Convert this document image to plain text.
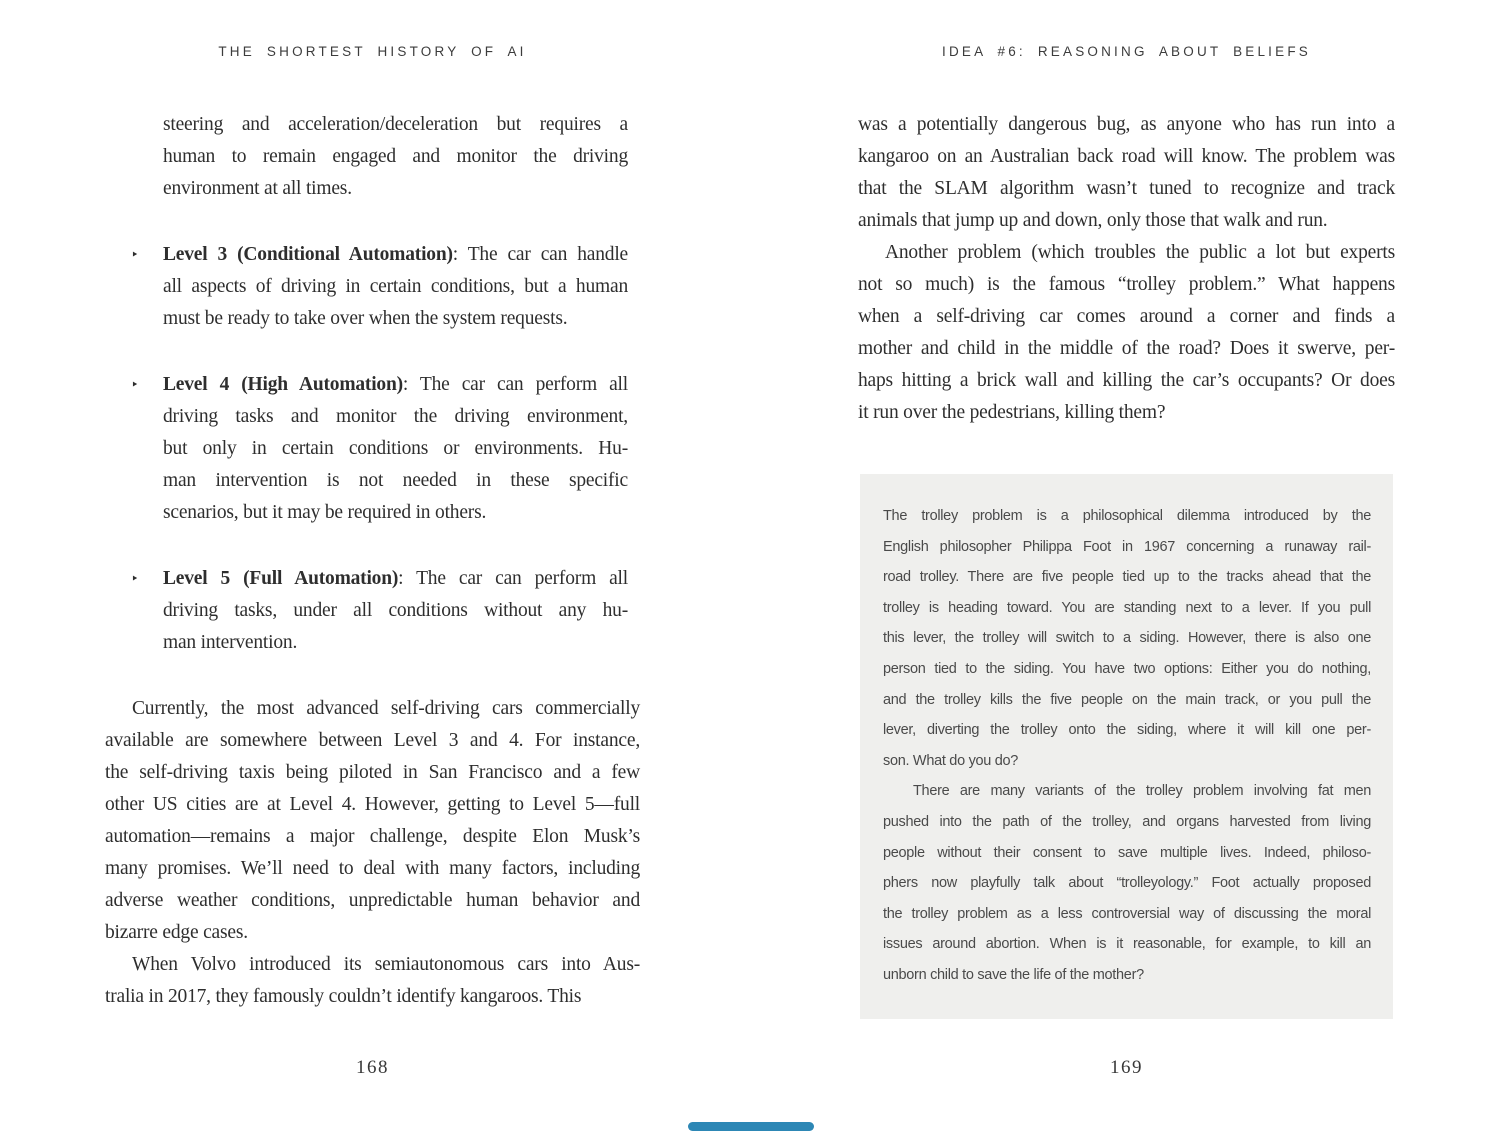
THE SHORTEST HISTORY OF AI
steering and acceleration/deceleration but requires a
human to remain engaged and monitor the driving
environment at all times.
‣ Level 3 (Conditional Automation): The car can handle
all aspects of driving in certain conditions, but a human
must be ready to take over when the system requests.
‣ Level 4 (High Automation): The car can perform all
driving tasks and monitor the driving environment,
but only in certain conditions or environments. Hu-
man intervention is not needed in these specific
scenarios, but it may be required in others.
‣ Level 5 (Full Automation): The car can perform all
driving tasks, under all conditions without any hu-
man intervention.
Currently, the most advanced self-driving cars commercially
available are somewhere between Level 3 and 4. For instance,
the self-driving taxis being piloted in San Francisco and a few
other US cities are at Level 4. However, getting to Level 5—full
automation—remains a major challenge, despite Elon Musk’s
many promises. We’ll need to deal with many factors, including
adverse weather conditions, unpredictable human behavior and
bizarre edge cases.
When Volvo introduced its semiautonomous cars into Aus-
tralia in 2017, they famously couldn’t identify kangaroos. This
168
IDEA #6: REASONING ABOUT BELIEFS
was a potentially dangerous bug, as anyone who has run into a
kangaroo on an Australian back road will know. The problem was
that the SLAM algorithm wasn’t tuned to recognize and track
animals that jump up and down, only those that walk and run.
Another problem (which troubles the public a lot but experts
not so much) is the famous “trolley problem.” What happens
when a self-driving car comes around a corner and finds a
mother and child in the middle of the road? Does it swerve, per-
haps hitting a brick wall and killing the car’s occupants? Or does
it run over the pedestrians, killing them?
The trolley problem is a philosophical dilemma introduced by the
English philosopher Philippa Foot in 1967 concerning a runaway rail-
road trolley. There are five people tied up to the tracks ahead that the
trolley is heading toward. You are standing next to a lever. If you pull
this lever, the trolley will switch to a siding. However, there is also one
person tied to the siding. You have two options: Either you do nothing,
and the trolley kills the five people on the main track, or you pull the
lever, diverting the trolley onto the siding, where it will kill one per-
son. What do you do?
There are many variants of the trolley problem involving fat men
pushed into the path of the trolley, and organs harvested from living
people without their consent to save multiple lives. Indeed, philoso-
phers now playfully talk about “trolleyology.” Foot actually proposed
the trolley problem as a less controversial way of discussing the moral
issues around abortion. When is it reasonable, for example, to kill an
unborn child to save the life of the mother?
169
